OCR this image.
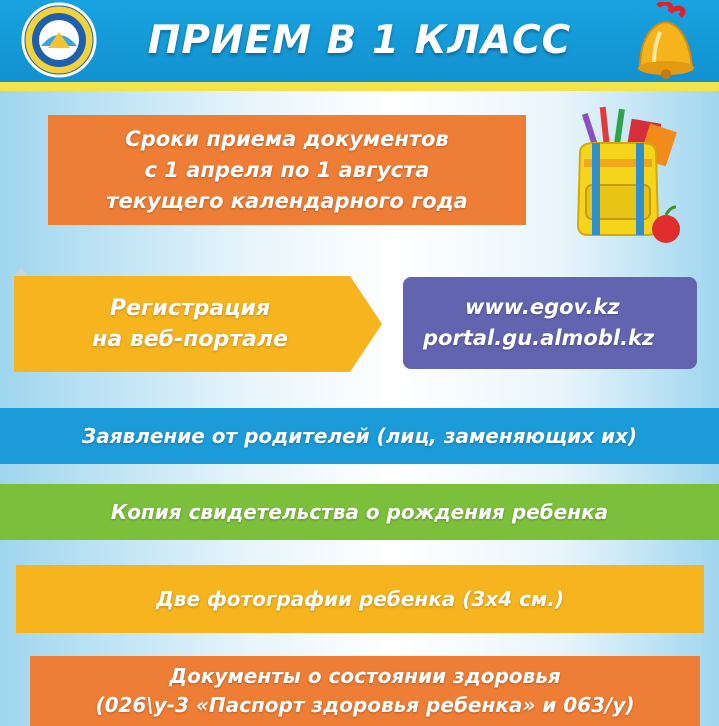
ПРИЕМ В 1 КЛАСС
Сроки приема документов
с 1 апреля по 1 августа
текущего календарного года
Регистрация
на веб-портале
www.egov.kz
portal.gu.almobl.kz
Заявление от родителей (лиц, заменяющих их)
Копия свидетельства о рождения ребенка
Две фотографии ребенка (3х4 см.)
Документы о состоянии здоровья
(026\у-3 «Паспорт здоровья ребенка» и 063/у)
